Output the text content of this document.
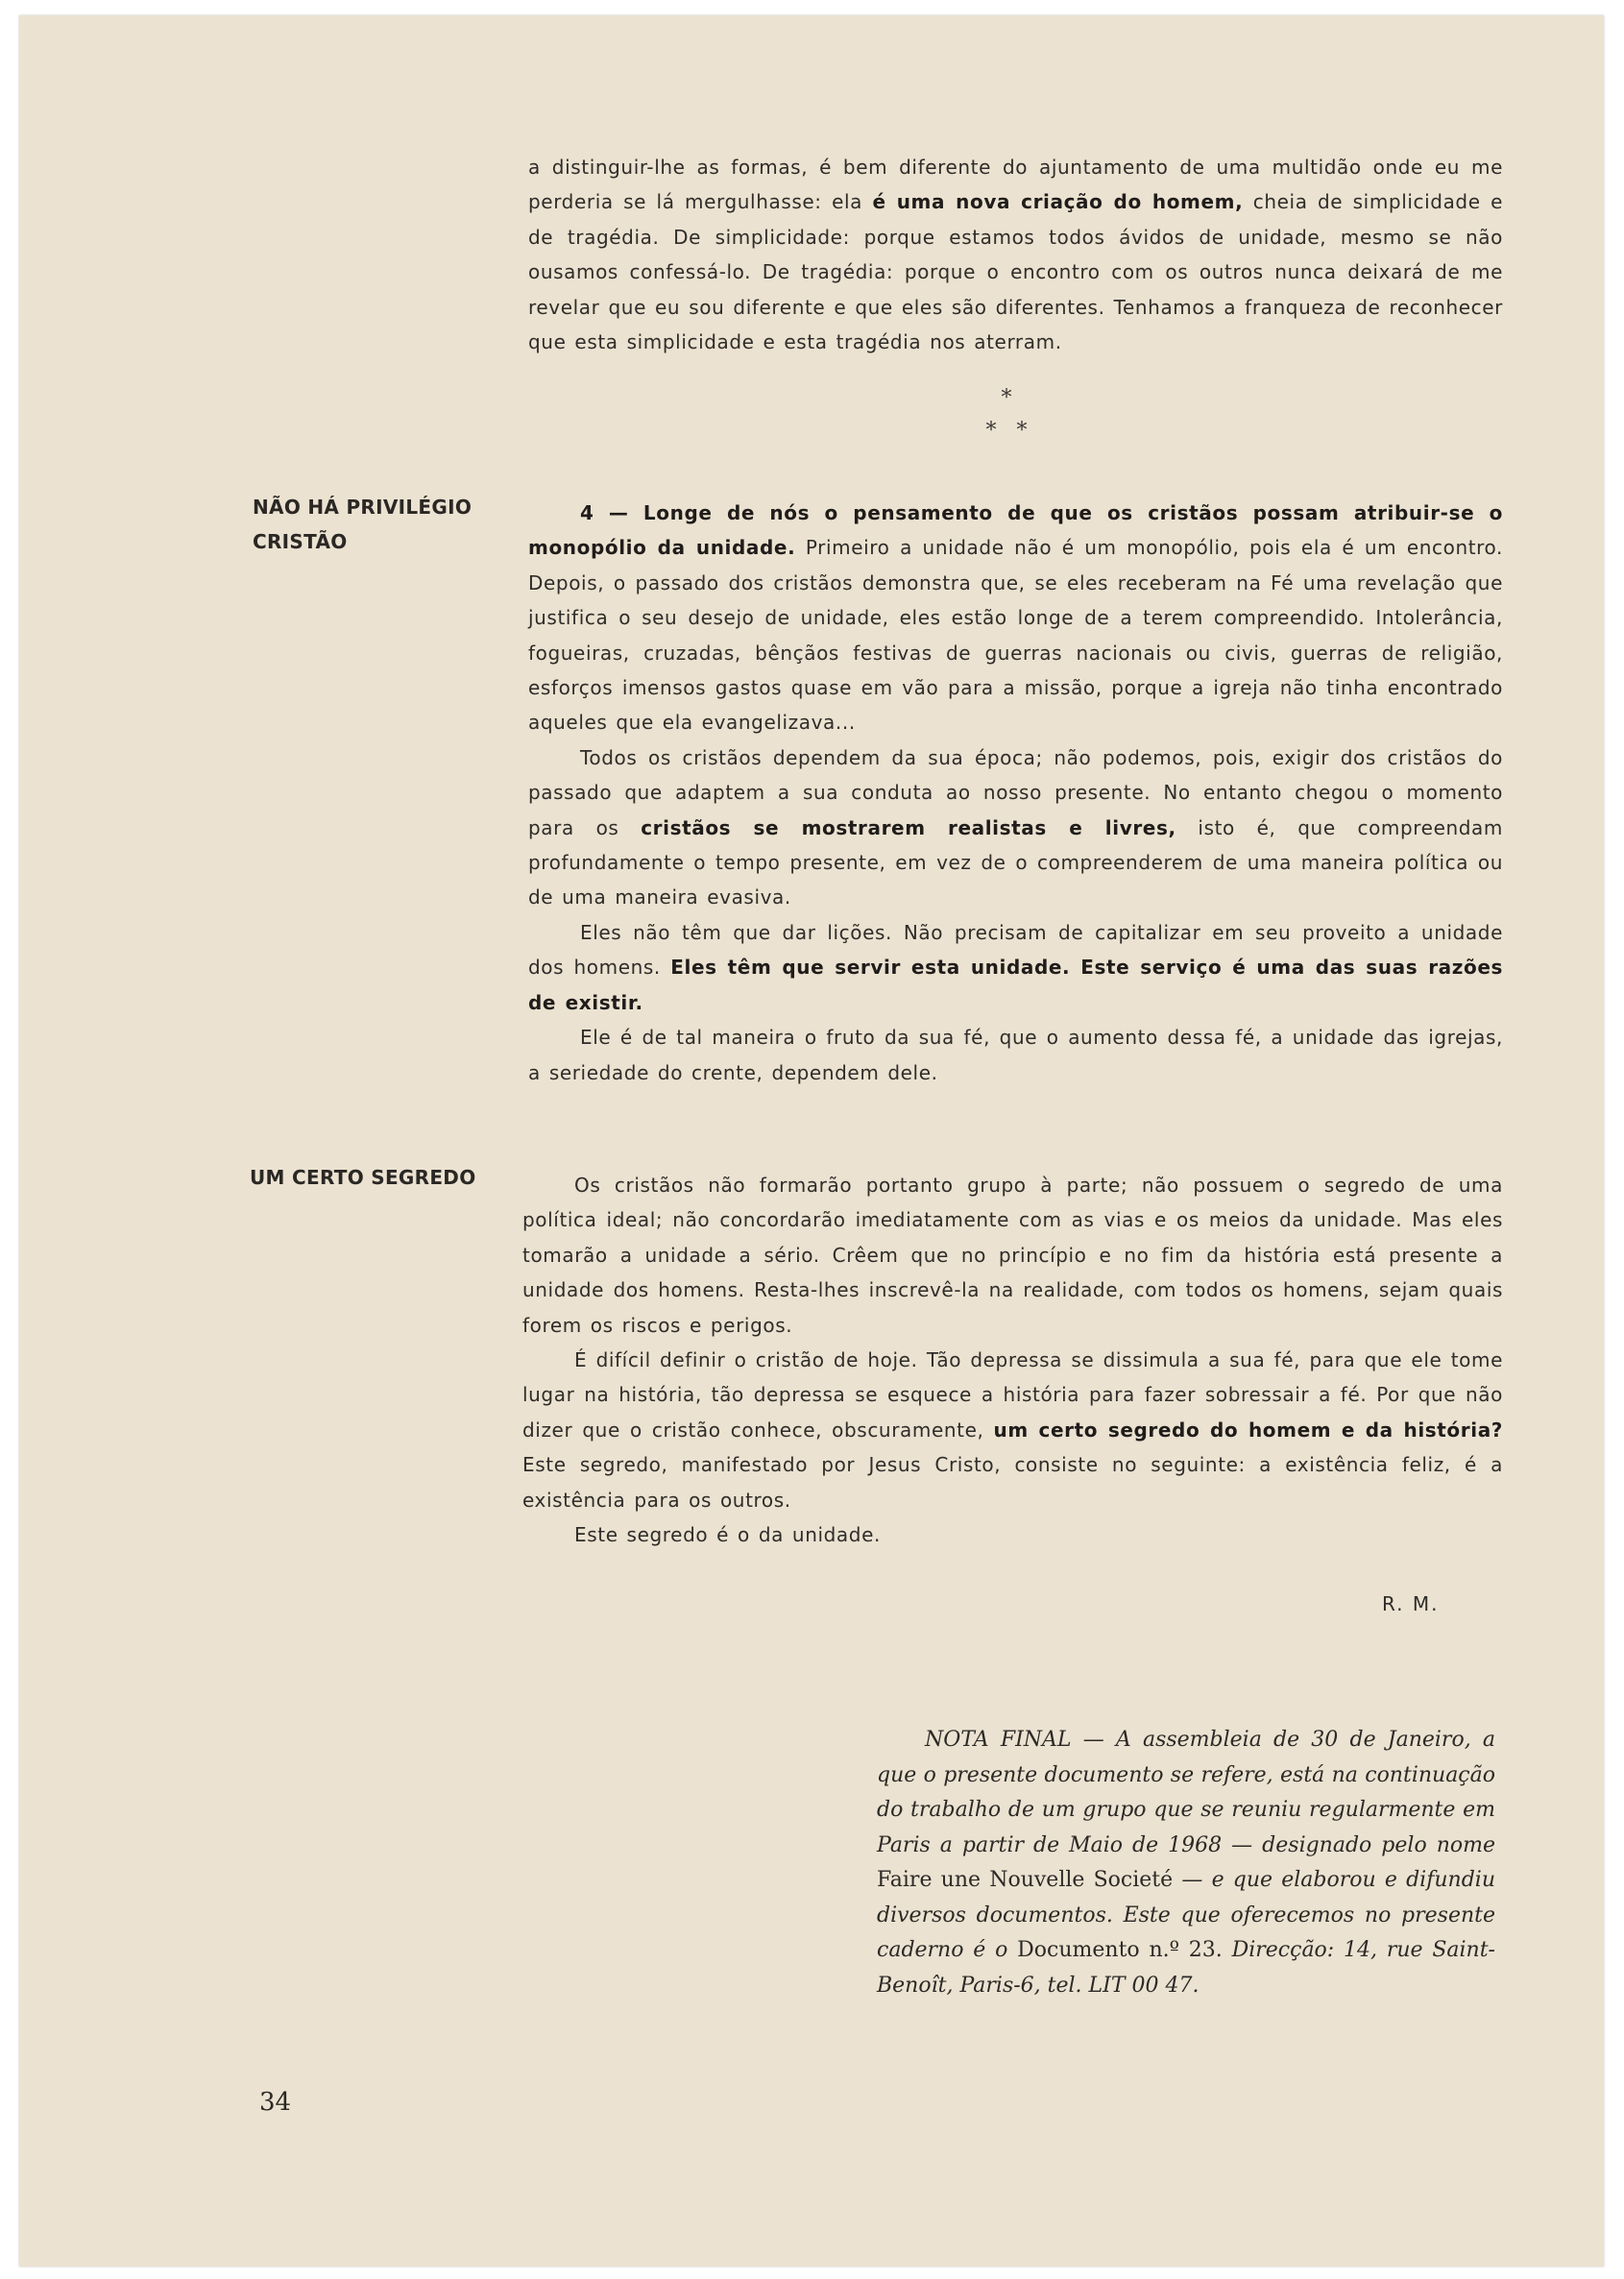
a distinguir-lhe as formas, é bem diferente do ajuntamento de uma multidão onde eu me perderia se lá mergulhasse: ela é uma nova criação do homem, cheia de simplicidade e de tragédia. De simplicidade: porque estamos todos ávidos de unidade, mesmo se não ousamos confessá-lo. De tragédia: porque o encontro com os outros nunca deixará de me revelar que eu sou diferente e que eles são diferentes. Tenhamos a franqueza de reconhecer que esta simplicidade e esta tragédia nos aterram.

*
*   *
NÃO HÁ PRIVILÉGIO
CRISTÃO

4 — Longe de nós o pensamento de que os cristãos possam atribuir-se o monopólio da unidade. Primeiro a unidade não é um monopólio, pois ela é um encontro. Depois, o passado dos cristãos demonstra que, se eles receberam na Fé uma revelação que justifica o seu desejo de unidade, eles estão longe de a terem compreendido. Intolerância, fogueiras, cruzadas, bênçãos festivas de guerras nacionais ou civis, guerras de religião, esforços imensos gastos quase em vão para a missão, porque a igreja não tinha encontrado aqueles que ela evangelizava...

Todos os cristãos dependem da sua época; não podemos, pois, exigir dos cristãos do passado que adaptem a sua conduta ao nosso presente. No entanto chegou o momento para os cristãos se mostrarem realistas e livres, isto é, que compreendam profundamente o tempo presente, em vez de o compreenderem de uma maneira política ou de uma maneira evasiva.

Eles não têm que dar lições. Não precisam de capitalizar em seu proveito a unidade dos homens. Eles têm que servir esta unidade. Este serviço é uma das suas razões de existir.

Ele é de tal maneira o fruto da sua fé, que o aumento dessa fé, a unidade das igrejas, a seriedade do crente, dependem dele.

UM CERTO SEGREDO	Os cristãos não formarão portanto grupo à parte; não possuem o segredo de uma política ideal; não concordarão imediatamente com as vias e os meios da unidade. Mas eles tomarão a unidade a sério. Crêem que no princípio e no fim da história está presente a unidade dos homens. Resta-lhes inscrevê-la na realidade, com todos os homens, sejam quais forem os riscos e perigos.

É difícil definir o cristão de hoje. Tão depressa se dissimula a sua fé, para que ele tome lugar na história, tão depressa se esquece a história para fazer sobressair a fé. Por que não dizer que o cristão conhece, obscuramente, um certo segredo do homem e da história? Este segredo, manifestado por Jesus Cristo, consiste no seguinte: a existência feliz, é a existência para os outros.

Este segredo é o da unidade.

R. M.

NOTA FINAL — A assembleia de 30 de Janeiro, a que o presente documento se refere, está na continuação do trabalho de um grupo que se reuniu regularmente em Paris a partir de Maio de 1968 — designado pelo nome Faire une Nouvelle Societé — e que elaborou e difundiu diversos documentos. Este que oferecemos no presente caderno é o Documento n.º 23. Direcção: 14, rue Saint-Benoît, Paris-6, tel. LIT 00 47.

34
